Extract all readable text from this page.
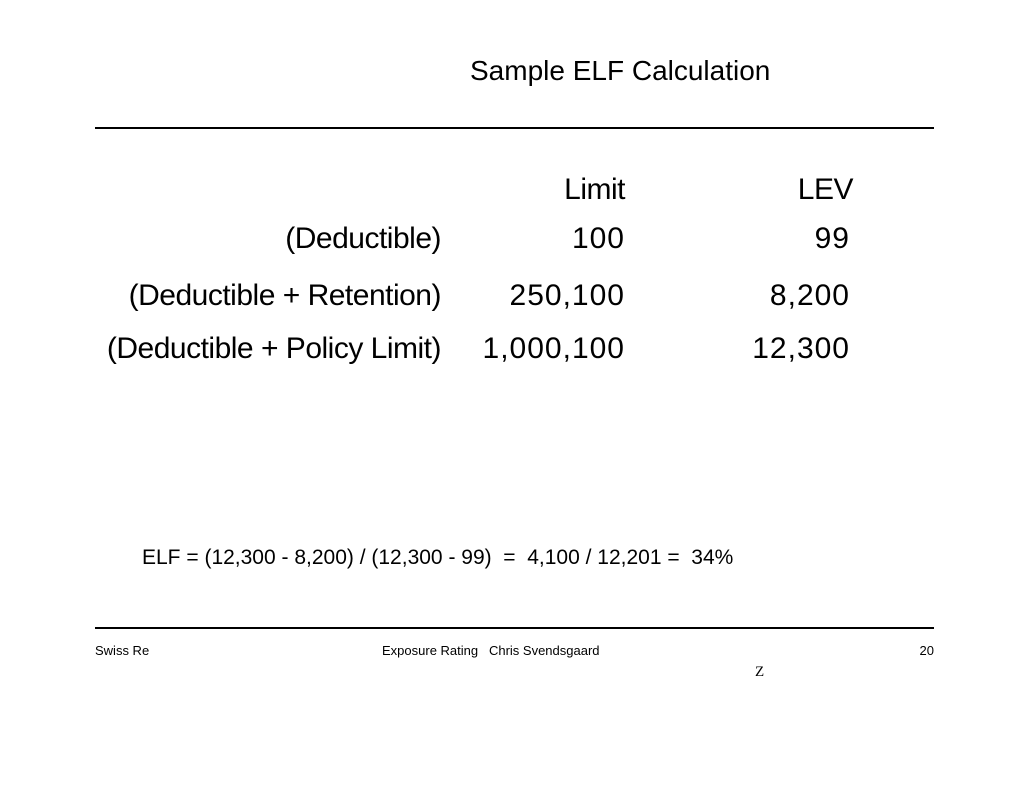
Sample ELF Calculation
Limit	LEV
(Deductible)	100	99
(Deductible + Retention) 250,100	8,200
(Deductible + Policy Limit) 1,000,100	12,300
ELF = (12,300 - 8,200) / (12,300 - 99)  =  4,100 / 12,201 =  34%
Swiss Re	Exposure Rating   Chris Svendsgaard	20
Z
